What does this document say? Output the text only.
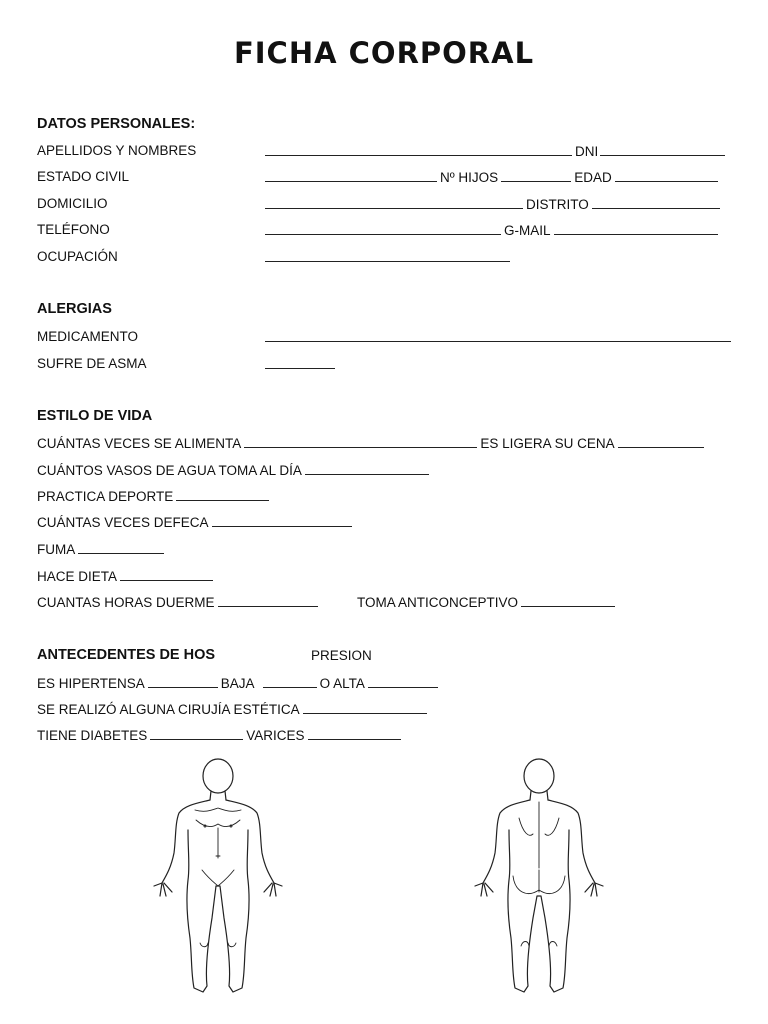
FICHA CORPORAL
DATOS PERSONALES:
APELLIDOS Y NOMBRES	DNI
ESTADO CIVIL	Nº HIJOS	EDAD
DOMICILIO	DISTRITO
TELÉFONO	G-MAIL
OCUPACIÓN
ALERGIAS
MEDICAMENTO
SUFRE DE ASMA
ESTILO DE VIDA
CUÁNTAS VECES SE ALIMENTA	ES LIGERA SU CENA
CUÁNTOS VASOS DE AGUA TOMA AL DÍA
PRACTICA DEPORTE
CUÁNTAS VECES DEFECA
FUMA
HACE DIETA
CUANTAS HORAS DUERME	TOMA ANTICONCEPTIVO
ANTECEDENTES DE HOS	PRESION
ES HIPERTENSA	BAJA	O ALTA
SE REALIZÓ ALGUNA CIRUJÍA ESTÉTICA
TIENE DIABETES	VARICES
